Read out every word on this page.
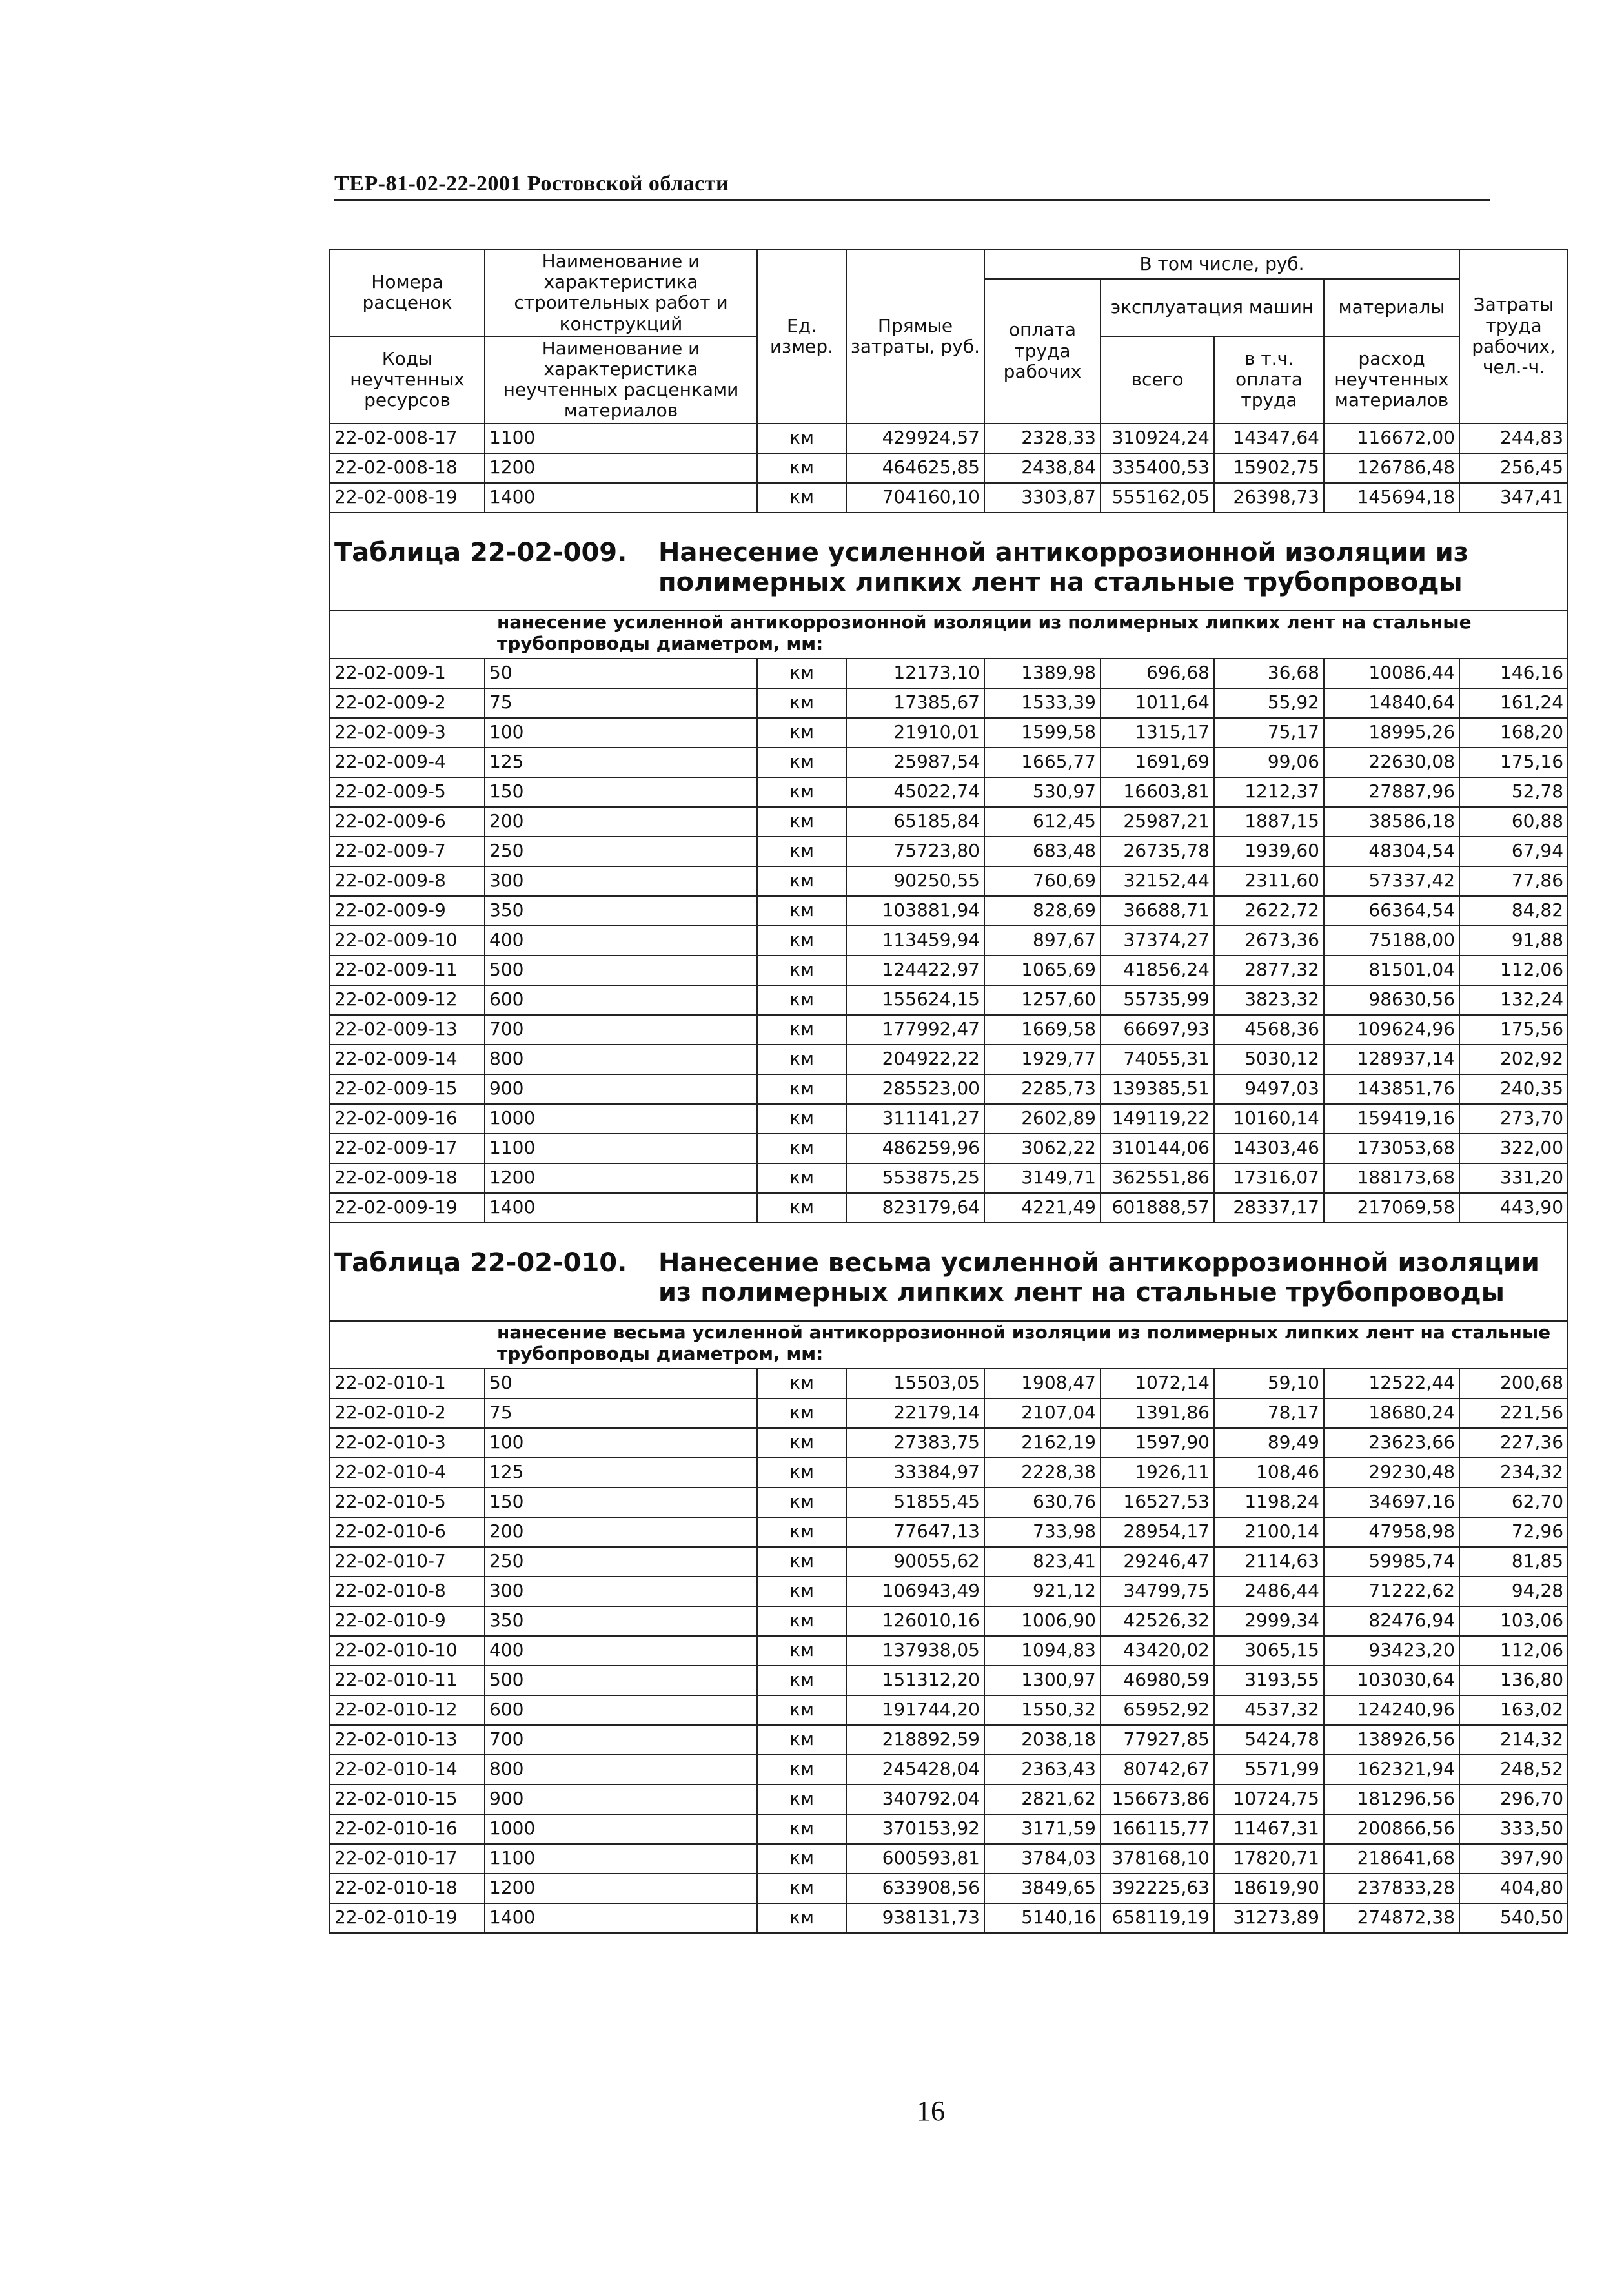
ТЕР-81-02-22-2001 Ростовской области
Номера расценок	Наименование и характеристика строительных работ и конструкций	Ед. измер.	Прямые затраты, руб.	В том числе, руб.				Затраты труда рабочих, чел.-ч.
				оплата труда рабочих	эксплуатация машин		материалы	
Коды неучтенных ресурсов	Наименование и характеристика неучтенных расценками материалов				всего	в т.ч. оплата труда	расход неучтенных материалов	

22-02-008-17	1100	км	429924,57	2328,33	310924,24	14347,64	116672,00	244,83
22-02-008-18	1200	км	464625,85	2438,84	335400,53	15902,75	126786,48	256,45
22-02-008-19	1400	км	704160,10	3303,87	555162,05	26398,73	145694,18	347,41

Таблица 22-02-009. Нанесение усиленной антикоррозионной изоляции из полимерных липких лент на стальные трубопроводы								

нанесение усиленной антикоррозионной изоляции из полимерных липких лент на стальные трубопроводы диаметром, мм:								

22-02-009-1	50	км	12173,10	1389,98	696,68	36,68	10086,44	146,16
22-02-009-2	75	км	17385,67	1533,39	1011,64	55,92	14840,64	161,24
22-02-009-3	100	км	21910,01	1599,58	1315,17	75,17	18995,26	168,20
22-02-009-4	125	км	25987,54	1665,77	1691,69	99,06	22630,08	175,16
22-02-009-5	150	км	45022,74	530,97	16603,81	1212,37	27887,96	52,78
22-02-009-6	200	км	65185,84	612,45	25987,21	1887,15	38586,18	60,88
22-02-009-7	250	км	75723,80	683,48	26735,78	1939,60	48304,54	67,94
22-02-009-8	300	км	90250,55	760,69	32152,44	2311,60	57337,42	77,86
22-02-009-9	350	км	103881,94	828,69	36688,71	2622,72	66364,54	84,82
22-02-009-10	400	км	113459,94	897,67	37374,27	2673,36	75188,00	91,88
22-02-009-11	500	км	124422,97	1065,69	41856,24	2877,32	81501,04	112,06
22-02-009-12	600	км	155624,15	1257,60	55735,99	3823,32	98630,56	132,24
22-02-009-13	700	км	177992,47	1669,58	66697,93	4568,36	109624,96	175,56
22-02-009-14	800	км	204922,22	1929,77	74055,31	5030,12	128937,14	202,92
22-02-009-15	900	км	285523,00	2285,73	139385,51	9497,03	143851,76	240,35
22-02-009-16	1000	км	311141,27	2602,89	149119,22	10160,14	159419,16	273,70
22-02-009-17	1100	км	486259,96	3062,22	310144,06	14303,46	173053,68	322,00
22-02-009-18	1200	км	553875,25	3149,71	362551,86	17316,07	188173,68	331,20
22-02-009-19	1400	км	823179,64	4221,49	601888,57	28337,17	217069,58	443,90

Таблица 22-02-010. Нанесение весьма усиленной антикоррозионной изоляции из полимерных липких лент на стальные трубопроводы								

нанесение весьма усиленной антикоррозионной изоляции из полимерных липких лент на стальные трубопроводы диаметром, мм:								

22-02-010-1	50	км	15503,05	1908,47	1072,14	59,10	12522,44	200,68
22-02-010-2	75	км	22179,14	2107,04	1391,86	78,17	18680,24	221,56
22-02-010-3	100	км	27383,75	2162,19	1597,90	89,49	23623,66	227,36
22-02-010-4	125	км	33384,97	2228,38	1926,11	108,46	29230,48	234,32
22-02-010-5	150	км	51855,45	630,76	16527,53	1198,24	34697,16	62,70
22-02-010-6	200	км	77647,13	733,98	28954,17	2100,14	47958,98	72,96
22-02-010-7	250	км	90055,62	823,41	29246,47	2114,63	59985,74	81,85
22-02-010-8	300	км	106943,49	921,12	34799,75	2486,44	71222,62	94,28
22-02-010-9	350	км	126010,16	1006,90	42526,32	2999,34	82476,94	103,06
22-02-010-10	400	км	137938,05	1094,83	43420,02	3065,15	93423,20	112,06
22-02-010-11	500	км	151312,20	1300,97	46980,59	3193,55	103030,64	136,80
22-02-010-12	600	км	191744,20	1550,32	65952,92	4537,32	124240,96	163,02
22-02-010-13	700	км	218892,59	2038,18	77927,85	5424,78	138926,56	214,32
22-02-010-14	800	км	245428,04	2363,43	80742,67	5571,99	162321,94	248,52
22-02-010-15	900	км	340792,04	2821,62	156673,86	10724,75	181296,56	296,70
22-02-010-16	1000	км	370153,92	3171,59	166115,77	11467,31	200866,56	333,50
22-02-010-17	1100	км	600593,81	3784,03	378168,10	17820,71	218641,68	397,90
22-02-010-18	1200	км	633908,56	3849,65	392225,63	18619,90	237833,28	404,80
22-02-010-19	1400	км	938131,73	5140,16	658119,19	31273,89	274872,38	540,50
16
